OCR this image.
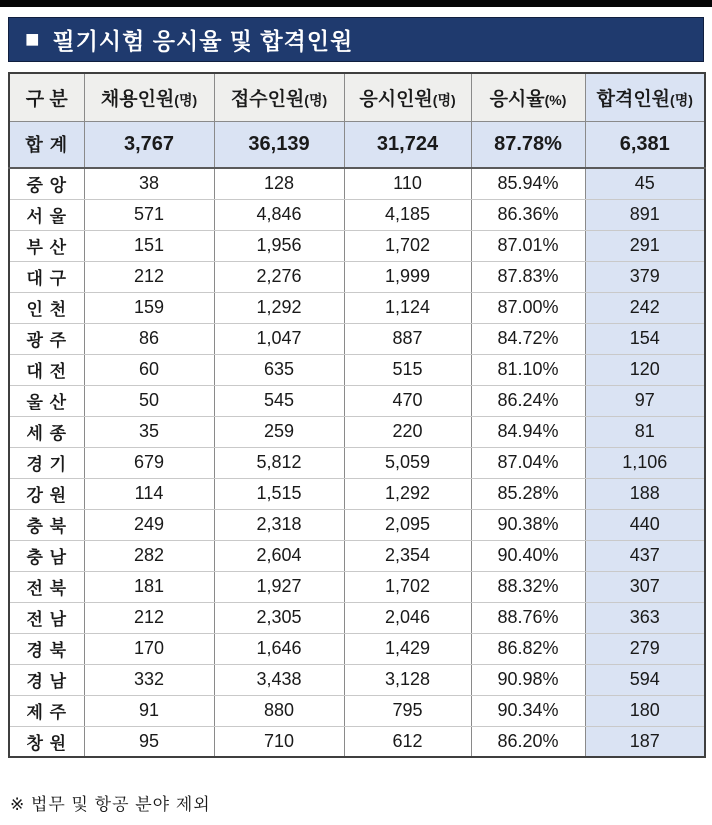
■ 필기시험 응시율 및 합격인원
구 분	채용인원(명)	접수인원(명)	응시인원(명)	응시율(%)	합격인원(명)
합 계	3,767	36,139	31,724	87.78%	6,381
중 앙	38	128	110	85.94%	45
서 울	571	4,846	4,185	86.36%	891
부 산	151	1,956	1,702	87.01%	291
대 구	212	2,276	1,999	87.83%	379
인 천	159	1,292	1,124	87.00%	242
광 주	86	1,047	887	84.72%	154
대 전	60	635	515	81.10%	120
울 산	50	545	470	86.24%	97
세 종	35	259	220	84.94%	81
경 기	679	5,812	5,059	87.04%	1,106
강 원	114	1,515	1,292	85.28%	188
충 북	249	2,318	2,095	90.38%	440
충 남	282	2,604	2,354	90.40%	437
전 북	181	1,927	1,702	88.32%	307
전 남	212	2,305	2,046	88.76%	363
경 북	170	1,646	1,429	86.82%	279
경 남	332	3,438	3,128	90.98%	594
제 주	91	880	795	90.34%	180
창 원	95	710	612	86.20%	187
※ 법무 및 항공 분야 제외
